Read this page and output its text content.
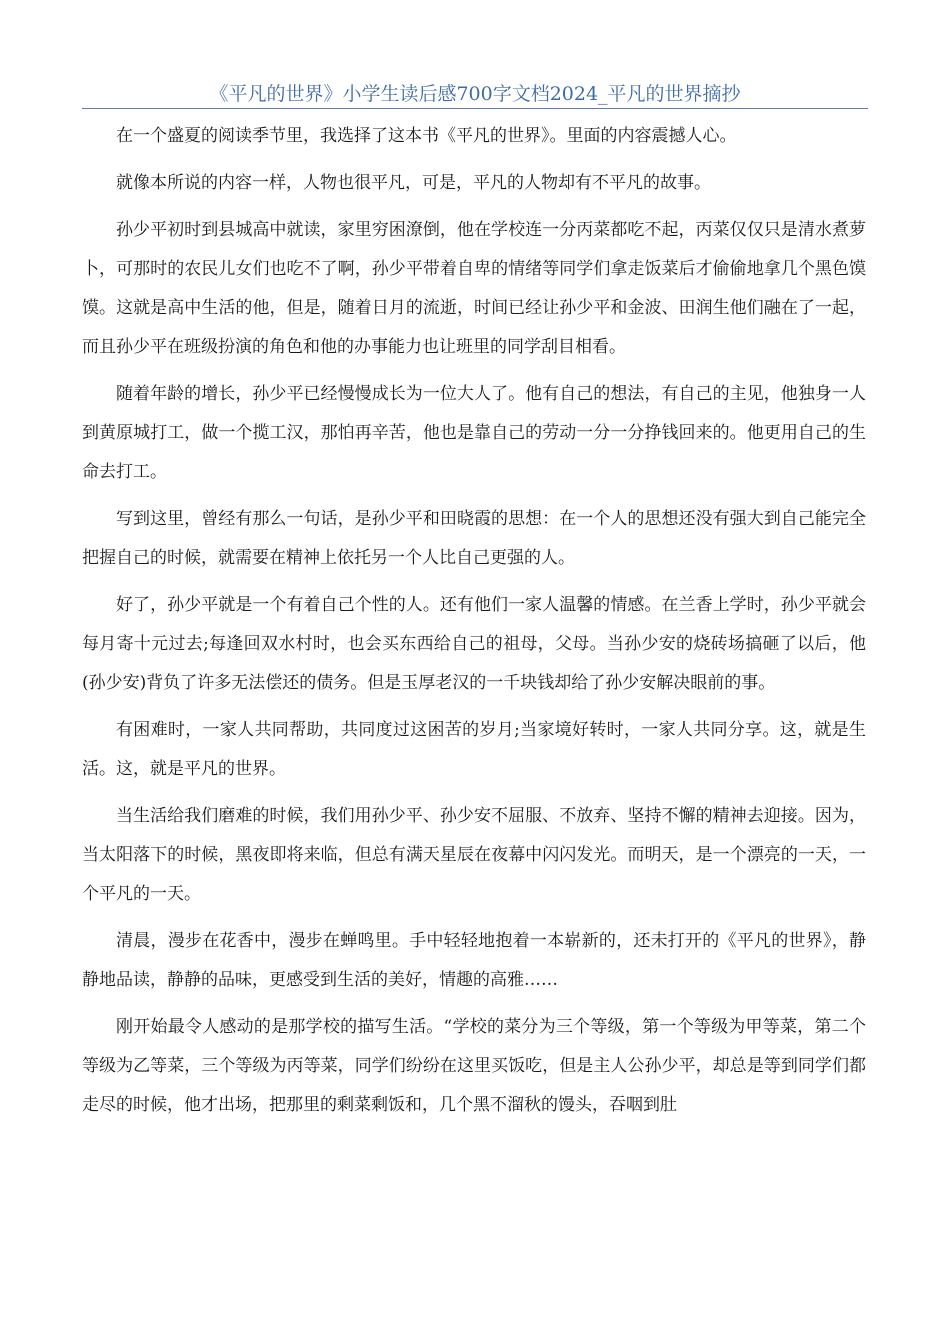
《平凡的世界》小学生读后感700字文档2024_平凡的世界摘抄

在一个盛夏的阅读季节里，我选择了这本书《平凡的世界》。里面的内容震撼人心。

就像本所说的内容一样，人物也很平凡，可是，平凡的人物却有不平凡的故事。

孙少平初时到县城高中就读，家里穷困潦倒，他在学校连一分丙菜都吃不起，丙菜仅仅只是清水煮萝卜，可那时的农民儿女们也吃不了啊，孙少平带着自卑的情绪等同学们拿走饭菜后才偷偷地拿几个黑色馍馍。这就是高中生活的他，但是，随着日月的流逝，时间已经让孙少平和金波、田润生他们融在了一起，而且孙少平在班级扮演的角色和他的办事能力也让班里的同学刮目相看。

随着年龄的增长，孙少平已经慢慢成长为一位大人了。他有自己的想法，有自己的主见，他独身一人到黄原城打工，做一个揽工汉，那怕再辛苦，他也是靠自己的劳动一分一分挣钱回来的。他更用自己的生命去打工。

写到这里，曾经有那么一句话，是孙少平和田晓霞的思想：在一个人的思想还没有强大到自己能完全把握自己的时候，就需要在精神上依托另一个人比自己更强的人。

好了，孙少平就是一个有着自己个性的人。还有他们一家人温馨的情感。在兰香上学时，孙少平就会每月寄十元过去;每逢回双水村时，也会买东西给自己的祖母，父母。当孙少安的烧砖场搞砸了以后，他(孙少安)背负了许多无法偿还的债务。但是玉厚老汉的一千块钱却给了孙少安解决眼前的事。

有困难时，一家人共同帮助，共同度过这困苦的岁月;当家境好转时，一家人共同分享。这，就是生活。这，就是平凡的世界。

当生活给我们磨难的时候，我们用孙少平、孙少安不屈服、不放弃、坚持不懈的精神去迎接。因为，当太阳落下的时候，黑夜即将来临，但总有满天星辰在夜幕中闪闪发光。而明天，是一个漂亮的一天，一个平凡的一天。

清晨，漫步在花香中，漫步在蝉鸣里。手中轻轻地抱着一本崭新的，还未打开的《平凡的世界》，静静地品读，静静的品味，更感受到生活的美好，情趣的高雅……

刚开始最令人感动的是那学校的描写生活。“学校的菜分为三个等级，第一个等级为甲等菜，第二个等级为乙等菜，三个等级为丙等菜，同学们纷纷在这里买饭吃，但是主人公孙少平，却总是等到同学们都走尽的时候，他才出场，把那里的剩菜剩饭和，几个黑不溜秋的馒头，吞咽到肚
